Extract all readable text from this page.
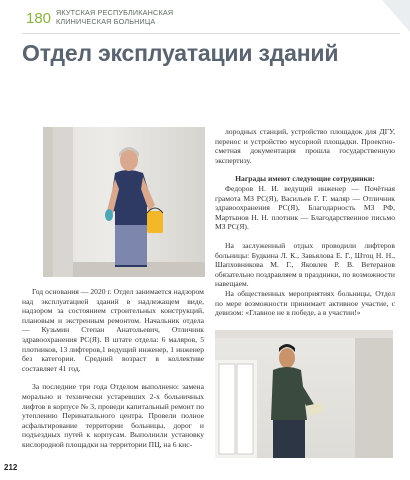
180 ЯКУТСКАЯ РЕСПУБЛИКАНСКАЯ
КЛИНИЧЕСКАЯ БОЛЬНИЦА
Отдел эксплуатации зданий

Год основания — 2020 г. Отдел занимается надзором над эксплуатацией зданий в надлежащем виде, надзором за состоянием строительных конструкций, плановым и экстренным ремонтом. Начальник отдела — Кузьмин Степан Анатольевич, Отличник здравоохранения РС(Я). В штате отдела: 6 маляров, 5 плотников, 13 лифтеров,1 ведущий инженер, 1 инженер без категории. Средний возраст в коллективе составляет 41 год.

За последние три года Отделом выполнено: замена морально и технически устаревших 2-х больничных лифтов в корпусе № 3, проведи капитальный ремонт по утеплению Перинатального центра. Провели полное асфальтирование территории больницы, дорог и подъездных путей к корпусам. Выполнили установку кислородной площадки на территории ПЦ, на 6 кис-

лородных станций, устройство площадок для ДГУ, перенос и устройство мусорной площадки. Проектно-сметная документация прошла государственную экспертизу.

Награды имеют следующие сотрудники:

Федоров Н. И. ведущий инженер — Почётная грамота МЗ РС(Я), Васильев Г. Г. маляр — Отличник здравоохранения РС(Я), Благодарность МЗ РФ, Мартынов Н. Н. плотник — Благодарственное письмо МЗ РС(Я).

На заслуженный отдых проводили лифтеров больницы: Будкина Л. К., Завьялова Е. Г., Штоц Н. Н., Шапховникова М. Г., Яковлев Р. В. Ветеранов обязательно поздравляем в праздники, по возможности навещаем.

На общественных мероприятиях больницы, Отдел по мере возможности принимает активное участие, с девизом: «Главное не в победе, а в участии!»

212
